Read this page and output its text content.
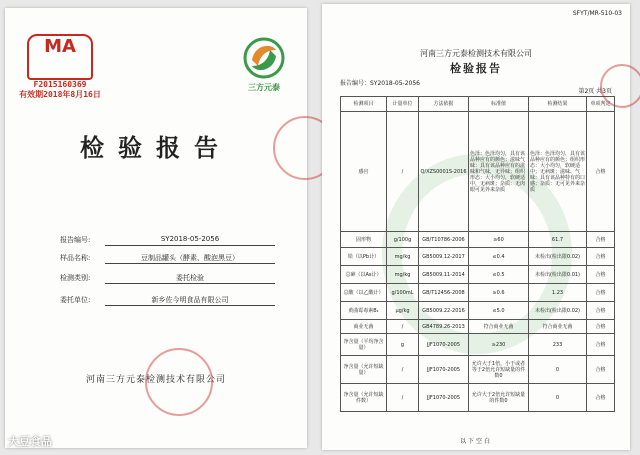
MA
F2015160369
有效期2018年8月16日
三方元泰
检验报告
报告编号:	SY2018-05-2056
样品名称:	豆制品罐头（酵素、酸泡黑豆）
检测类别:	委托检验
委托单位:	新乡佐今明食品有限公司
河南三方元泰检测技术有限公司
SFYT/MR-510-03
河南三方元泰检测技术有限公司
检验报告
报告编号：SY2018-05-2056
第2页 共3页
检测项目	计量单位	方法依据	标准值	检测结果	单项判定
感官	/	Q/XZS0001S-2016	色泽：色泽均匀，具有该品种应有的颜色；滋味气味：具有该品种应有的滋味和气味，无异味；组织形态：大小均匀，软硬适中，无病斑；杂质：无肉眼可见外来杂质	色泽：色泽均匀，具有该品种应有的颜色；组织形态：大小均匀，软硬适中；无病斑；滋味、气味：具有该品种特有的口感；杂质：无可见外来杂质	合格
固形物	g/100g	GB/T10786-2006	≥60	61.7	合格
铅（以Pb计）	mg/kg	GB5009.12-2017	≤0.4	未检出(检出限0.02)	合格
总砷（以As计）	mg/kg	GB5009.11-2014	≤0.5	未检出(检出限0.01)	合格
总酸（以乙酸计）	g/100mL	GB/T12456-2008	≥0.6	1.23	合格
黄曲霉毒素B₁	μg/kg	GB5009.22-2016	≤5.0	未检出(检出限0.02)	合格
商业无菌	/	GB4789.26-2013	符合商业无菌	符合商业无菌	合格
净含量（平均净含量）	g	JJF1070-2005	≥230	233	合格
净含量（允许短缺量）	/	JJF1070-2005	允许大于1倍，小于或者等于2倍允许短缺量的件数0	0	合格
净含量（允许短缺件数）	/	JJF1070-2005	允许大于2倍允许短缺量的件数0	0	合格
以下空白
大豆食品
